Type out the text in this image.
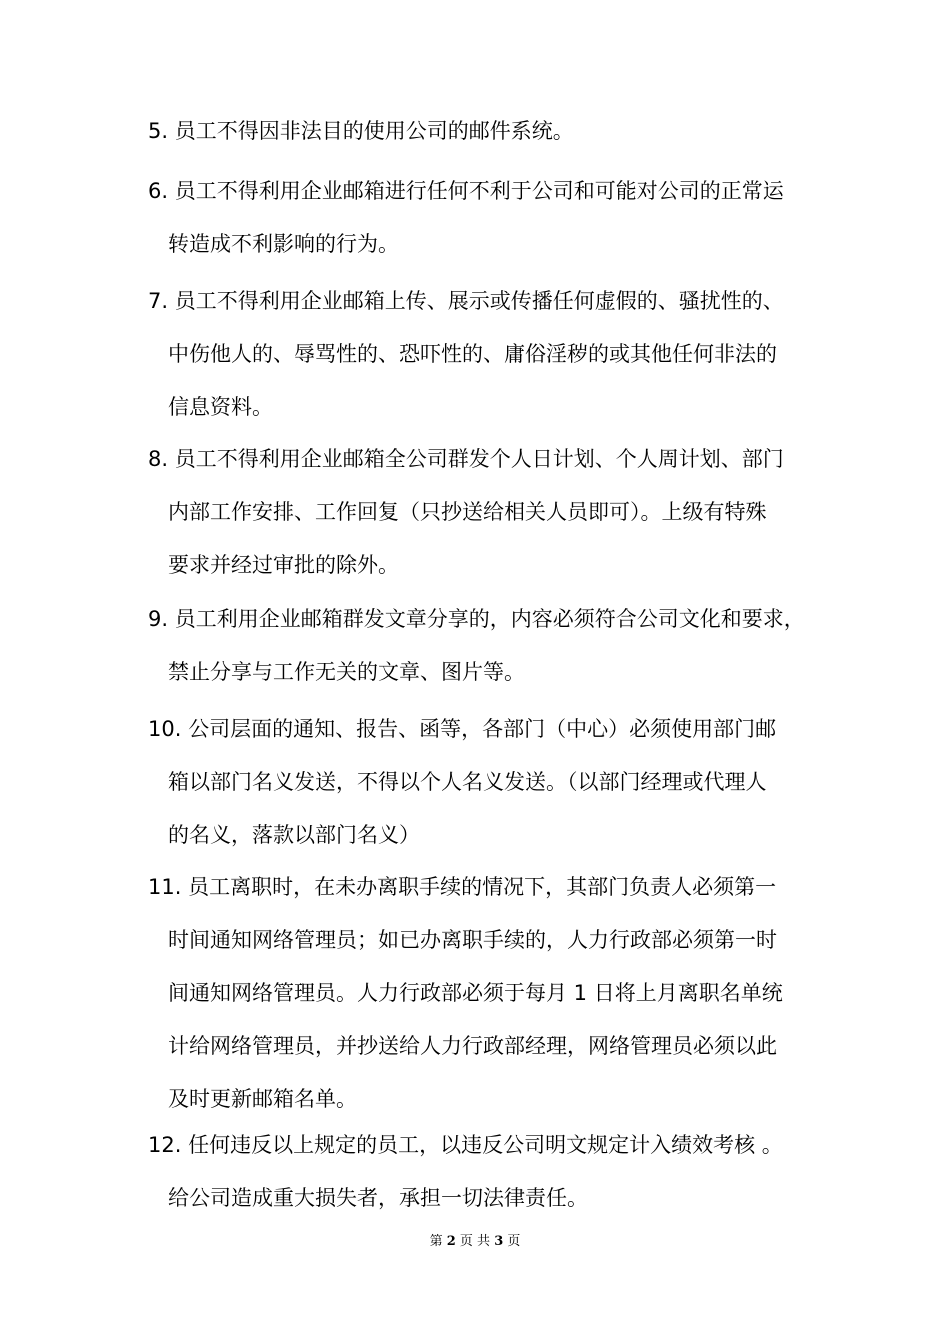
5. 员工不得因非法目的使用公司的邮件系统。
6. 员工不得利用企业邮箱进行任何不利于公司和可能对公司的正常运
转造成不利影响的行为。
7. 员工不得利用企业邮箱上传、展示或传播任何虚假的、骚扰性的、
中伤他人的、辱骂性的、恐吓性的、庸俗淫秽的或其他任何非法的
信息资料。
8. 员工不得利用企业邮箱全公司群发个人日计划、个人周计划、部门
内部工作安排、工作回复（只抄送给相关人员即可）。上级有特殊
要求并经过审批的除外。
9. 员工利用企业邮箱群发文章分享的，内容必须符合公司文化和要求，
禁止分享与工作无关的文章、图片等。
10. 公司层面的通知、报告、函等，各部门（中心）必须使用部门邮
箱以部门名义发送，不得以个人名义发送。（以部门经理或代理人
的名义，落款以部门名义）
11. 员工离职时，在未办离职手续的情况下，其部门负责人必须第一
时间通知网络管理员；如已办离职手续的，人力行政部必须第一时
间通知网络管理员。人力行政部必须于每月 1 日将上月离职名单统
计给网络管理员，并抄送给人力行政部经理，网络管理员必须以此
及时更新邮箱名单。
12. 任何违反以上规定的员工，以违反公司明文规定计入绩效考核 。
给公司造成重大损失者，承担一切法律责任。
第 2 页 共 3 页
